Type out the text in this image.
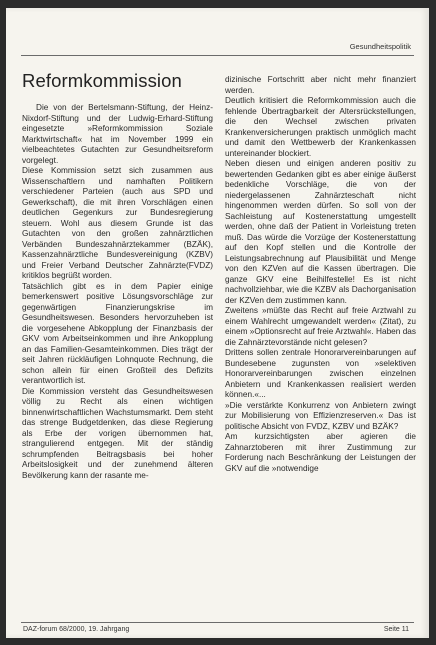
Gesundheitspolitik
Reformkommission

Die von der Bertelsmann-Stiftung, der Heinz-Nixdorf-Stiftung und der Ludwig-Erhard-Stiftung eingesetzte »Reformkommission Soziale Marktwirtschaft« hat im November 1999 ein vielbeachtetes Gutachten zur Gesundheitsreform vorgelegt.

Diese Kommission setzt sich zusammen aus Wissenschaftlern und namhaften Politikern verschiedener Parteien (auch aus SPD und Gewerkschaft), die mit ihren Vorschlägen einen deutlichen Gegenkurs zur Bundesregierung steuern. Wohl aus diesem Grunde ist das Gutachten von den großen zahnärztlichen Verbänden Bundeszahnärztekammer (BZÄK), Kassenzahnärztliche Bundesvereinigung (KZBV) und Freier Verband Deutscher Zahnärzte(FVDZ) kritiklos begrüßt worden.

Tatsächlich gibt es in dem Papier einige bemerkenswert positive Lösungsvorschläge zur gegenwärtigen Finanzierungskrise im Gesundheitswesen. Besonders hervorzuheben ist die vorgesehene Abkopplung der Finanzbasis der GKV vom Arbeitseinkommen und ihre Ankopplung an das Familien-Gesamteinkommen. Dies trägt der seit Jahren rückläufigen Lohnquote Rechnung, die schon allein für einen Großteil des Defizits verantwortlich ist.

Die Kommission versteht das Gesundheitswesen völlig zu Recht als einen wichtigen binnenwirtschaftlichen Wachstumsmarkt. Dem steht das strenge Budgetdenken, das diese Regierung als Erbe der vorigen übernommen hat, strangulierend entgegen. Mit der ständig schrumpfenden Beitragsbasis bei hoher Arbeitslosigkeit und der zunehmend älteren Bevölkerung kann der rasante me-

dizinische Fortschritt aber nicht mehr finanziert werden.

Deutlich kritisiert die Reformkommission auch die fehlende Übertragbarkeit der Altersrückstellungen, die den Wechsel zwischen privaten Krankenversicherungen praktisch unmöglich macht und damit den Wettbewerb der Krankenkassen untereinander blockiert.

Neben diesen und einigen anderen positiv zu bewertenden Gedanken gibt es aber einige äußerst bedenkliche Vorschläge, die von der niedergelassenen Zahnärzteschaft nicht hingenommen werden dürfen. So soll von der Sachleistung auf Kostenerstattung umgestellt werden, ohne daß der Patient in Vorleistung treten muß. Das würde die Vorzüge der Kostenerstattung auf den Kopf stellen und die Kontrolle der Leistungsabrechnung auf Plausibilität und Menge von den KZVen auf die Kassen übertragen. Die ganze GKV eine Beihilfestelle! Es ist nicht nachvollziehbar, wie die KZBV als Dachorganisation der KZVen dem zustimmen kann.

Zweitens »müßte das Recht auf freie Arztwahl zu einem Wahlrecht umgewandelt werden« (Zitat), zu einem »Optionsrecht auf freie Arztwahl«. Haben das die Zahnärztevorstände nicht gelesen?

Drittens sollen zentrale Honorarvereinbarungen auf Bundesebene zugunsten von »selektiven Honorarvereinbarungen zwischen einzelnen Anbietern und Krankenkassen realisiert werden können.«...

»Die verstärkte Konkurrenz von Anbietern zwingt zur Mobilisierung von Effizienzreserven.« Das ist politische Absicht von FVDZ, KZBV und BZÄK?

Am kurzsichtigsten aber agieren die Zahnarztoberen mit ihrer Zustimmung zur Forderung nach Beschränkung der Leistungen der GKV auf die »notwendige

DAZ-forum 68/2000, 19. Jahrgang	Seite 11
